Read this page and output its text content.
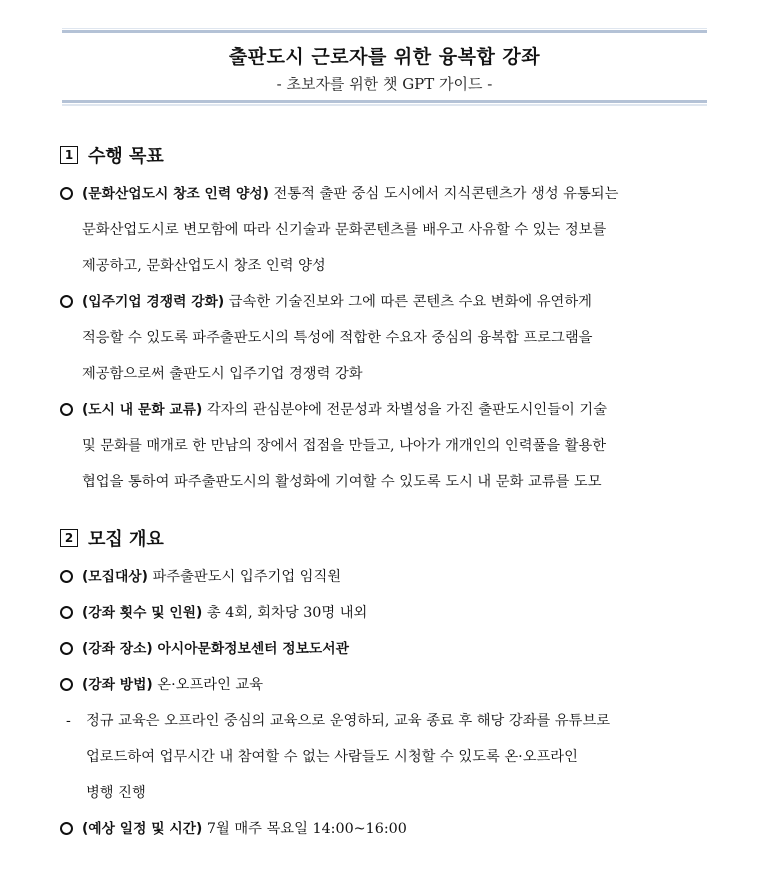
출판도시 근로자를 위한 융복합 강좌
- 초보자를 위한 챗 GPT 가이드 -
1 수행 목표
(문화산업도시 창조 인력 양성) 전통적 출판 중심 도시에서 지식콘텐츠가 생성 유통되는
문화산업도시로 변모함에 따라 신기술과 문화콘텐츠를 배우고 사유할 수 있는 정보를
제공하고, 문화산업도시 창조 인력 양성
(입주기업 경쟁력 강화) 급속한 기술진보와 그에 따른 콘텐츠 수요 변화에 유연하게
적응할 수 있도록 파주출판도시의 특성에 적합한 수요자 중심의 융복합 프로그램을
제공함으로써 출판도시 입주기업 경쟁력 강화
(도시 내 문화 교류) 각자의 관심분야에 전문성과 차별성을 가진 출판도시인들이 기술
및 문화를 매개로 한 만남의 장에서 접점을 만들고, 나아가 개개인의 인력풀을 활용한
협업을 통하여 파주출판도시의 활성화에 기여할 수 있도록 도시 내 문화 교류를 도모
2 모집 개요
(모집대상) 파주출판도시 입주기업 임직원
(강좌 횟수 및 인원) 총 4회, 회차당 30명 내외
(강좌 장소) 아시아문화정보센터 정보도서관
(강좌 방법) 온·오프라인 교육
- 정규 교육은 오프라인 중심의 교육으로 운영하되, 교육 종료 후 해당 강좌를 유튜브로
업로드하여 업무시간 내 참여할 수 없는 사람들도 시청할 수 있도록 온·오프라인
병행 진행
(예상 일정 및 시간) 7월 매주 목요일 14:00~16:00
